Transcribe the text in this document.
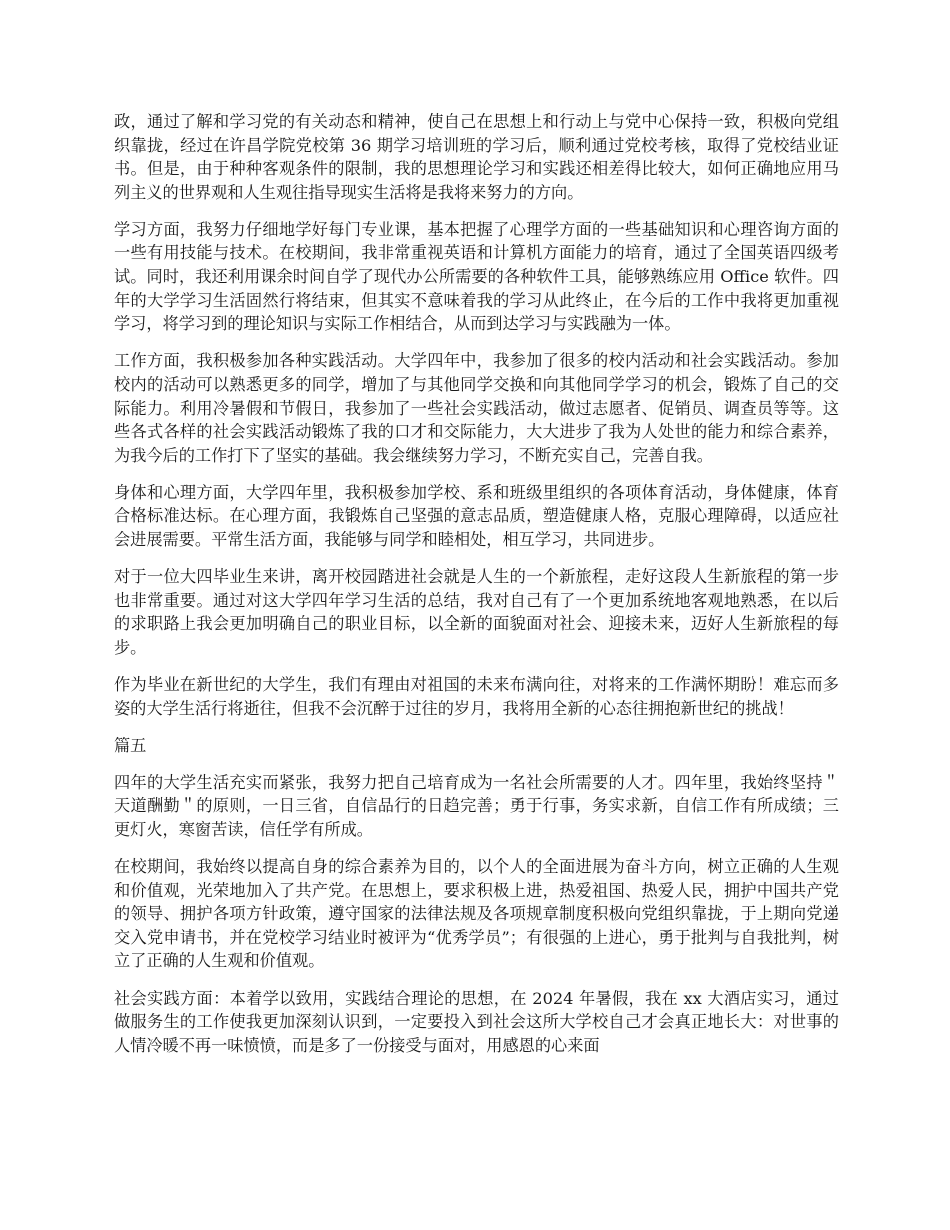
政，通过了解和学习党的有关动态和精神，使自己在思想上和行动上与党中心保持一致，积极向党组织靠拢，经过在许昌学院党校第 36 期学习培训班的学习后，顺利通过党校考核，取得了党校结业证书。但是，由于种种客观条件的限制，我的思想理论学习和实践还相差得比较大，如何正确地应用马列主义的世界观和人生观往指导现实生活将是我将来努力的方向。

学习方面，我努力仔细地学好每门专业课，基本把握了心理学方面的一些基础知识和心理咨询方面的一些有用技能与技术。在校期间，我非常重视英语和计算机方面能力的培育，通过了全国英语四级考试。同时，我还利用课余时间自学了现代办公所需要的各种软件工具，能够熟练应用 Office 软件。四年的大学学习生活固然行将结束，但其实不意味着我的学习从此终止，在今后的工作中我将更加重视学习，将学习到的理论知识与实际工作相结合，从而到达学习与实践融为一体。

工作方面，我积极参加各种实践活动。大学四年中，我参加了很多的校内活动和社会实践活动。参加校内的活动可以熟悉更多的同学，增加了与其他同学交换和向其他同学学习的机会，锻炼了自己的交际能力。利用冷暑假和节假日，我参加了一些社会实践活动，做过志愿者、促销员、调查员等等。这些各式各样的社会实践活动锻炼了我的口才和交际能力，大大进步了我为人处世的能力和综合素养，为我今后的工作打下了坚实的基础。我会继续努力学习，不断充实自己，完善自我。

身体和心理方面，大学四年里，我积极参加学校、系和班级里组织的各项体育活动，身体健康，体育合格标准达标。在心理方面，我锻炼自己坚强的意志品质，塑造健康人格，克服心理障碍，以适应社会进展需要。平常生活方面，我能够与同学和睦相处，相互学习，共同进步。

对于一位大四毕业生来讲，离开校园踏进社会就是人生的一个新旅程，走好这段人生新旅程的第一步也非常重要。通过对这大学四年学习生活的总结，我对自己有了一个更加系统地客观地熟悉，在以后的求职路上我会更加明确自己的职业目标，以全新的面貌面对社会、迎接未来，迈好人生新旅程的每步。

作为毕业在新世纪的大学生，我们有理由对祖国的未来布满向往，对将来的工作满怀期盼！难忘而多姿的大学生活行将逝往，但我不会沉醉于过往的岁月，我将用全新的心态往拥抱新世纪的挑战！

篇五

四年的大学生活充实而紧张，我努力把自己培育成为一名社会所需要的人才。四年里，我始终坚持＂天道酬勤＂的原则，一日三省，自信品行的日趋完善；勇于行事，务实求新，自信工作有所成绩；三更灯火，寒窗苦读，信任学有所成。

在校期间，我始终以提高自身的综合素养为目的，以个人的全面进展为奋斗方向，树立正确的人生观和价值观，光荣地加入了共产党。在思想上，要求积极上进，热爱祖国、热爱人民，拥护中国共产党的领导、拥护各项方针政策，遵守国家的法律法规及各项规章制度积极向党组织靠拢，于上期向党递交入党申请书，并在党校学习结业时被评为“优秀学员”；有很强的上进心，勇于批判与自我批判，树立了正确的人生观和价值观。

社会实践方面：本着学以致用，实践结合理论的思想，在 2024 年暑假，我在 xx 大酒店实习，通过做服务生的工作使我更加深刻认识到，一定要投入到社会这所大学校自己才会真正地长大：对世事的人情冷暖不再一味愤愤，而是多了一份接受与面对，用感恩的心来面
